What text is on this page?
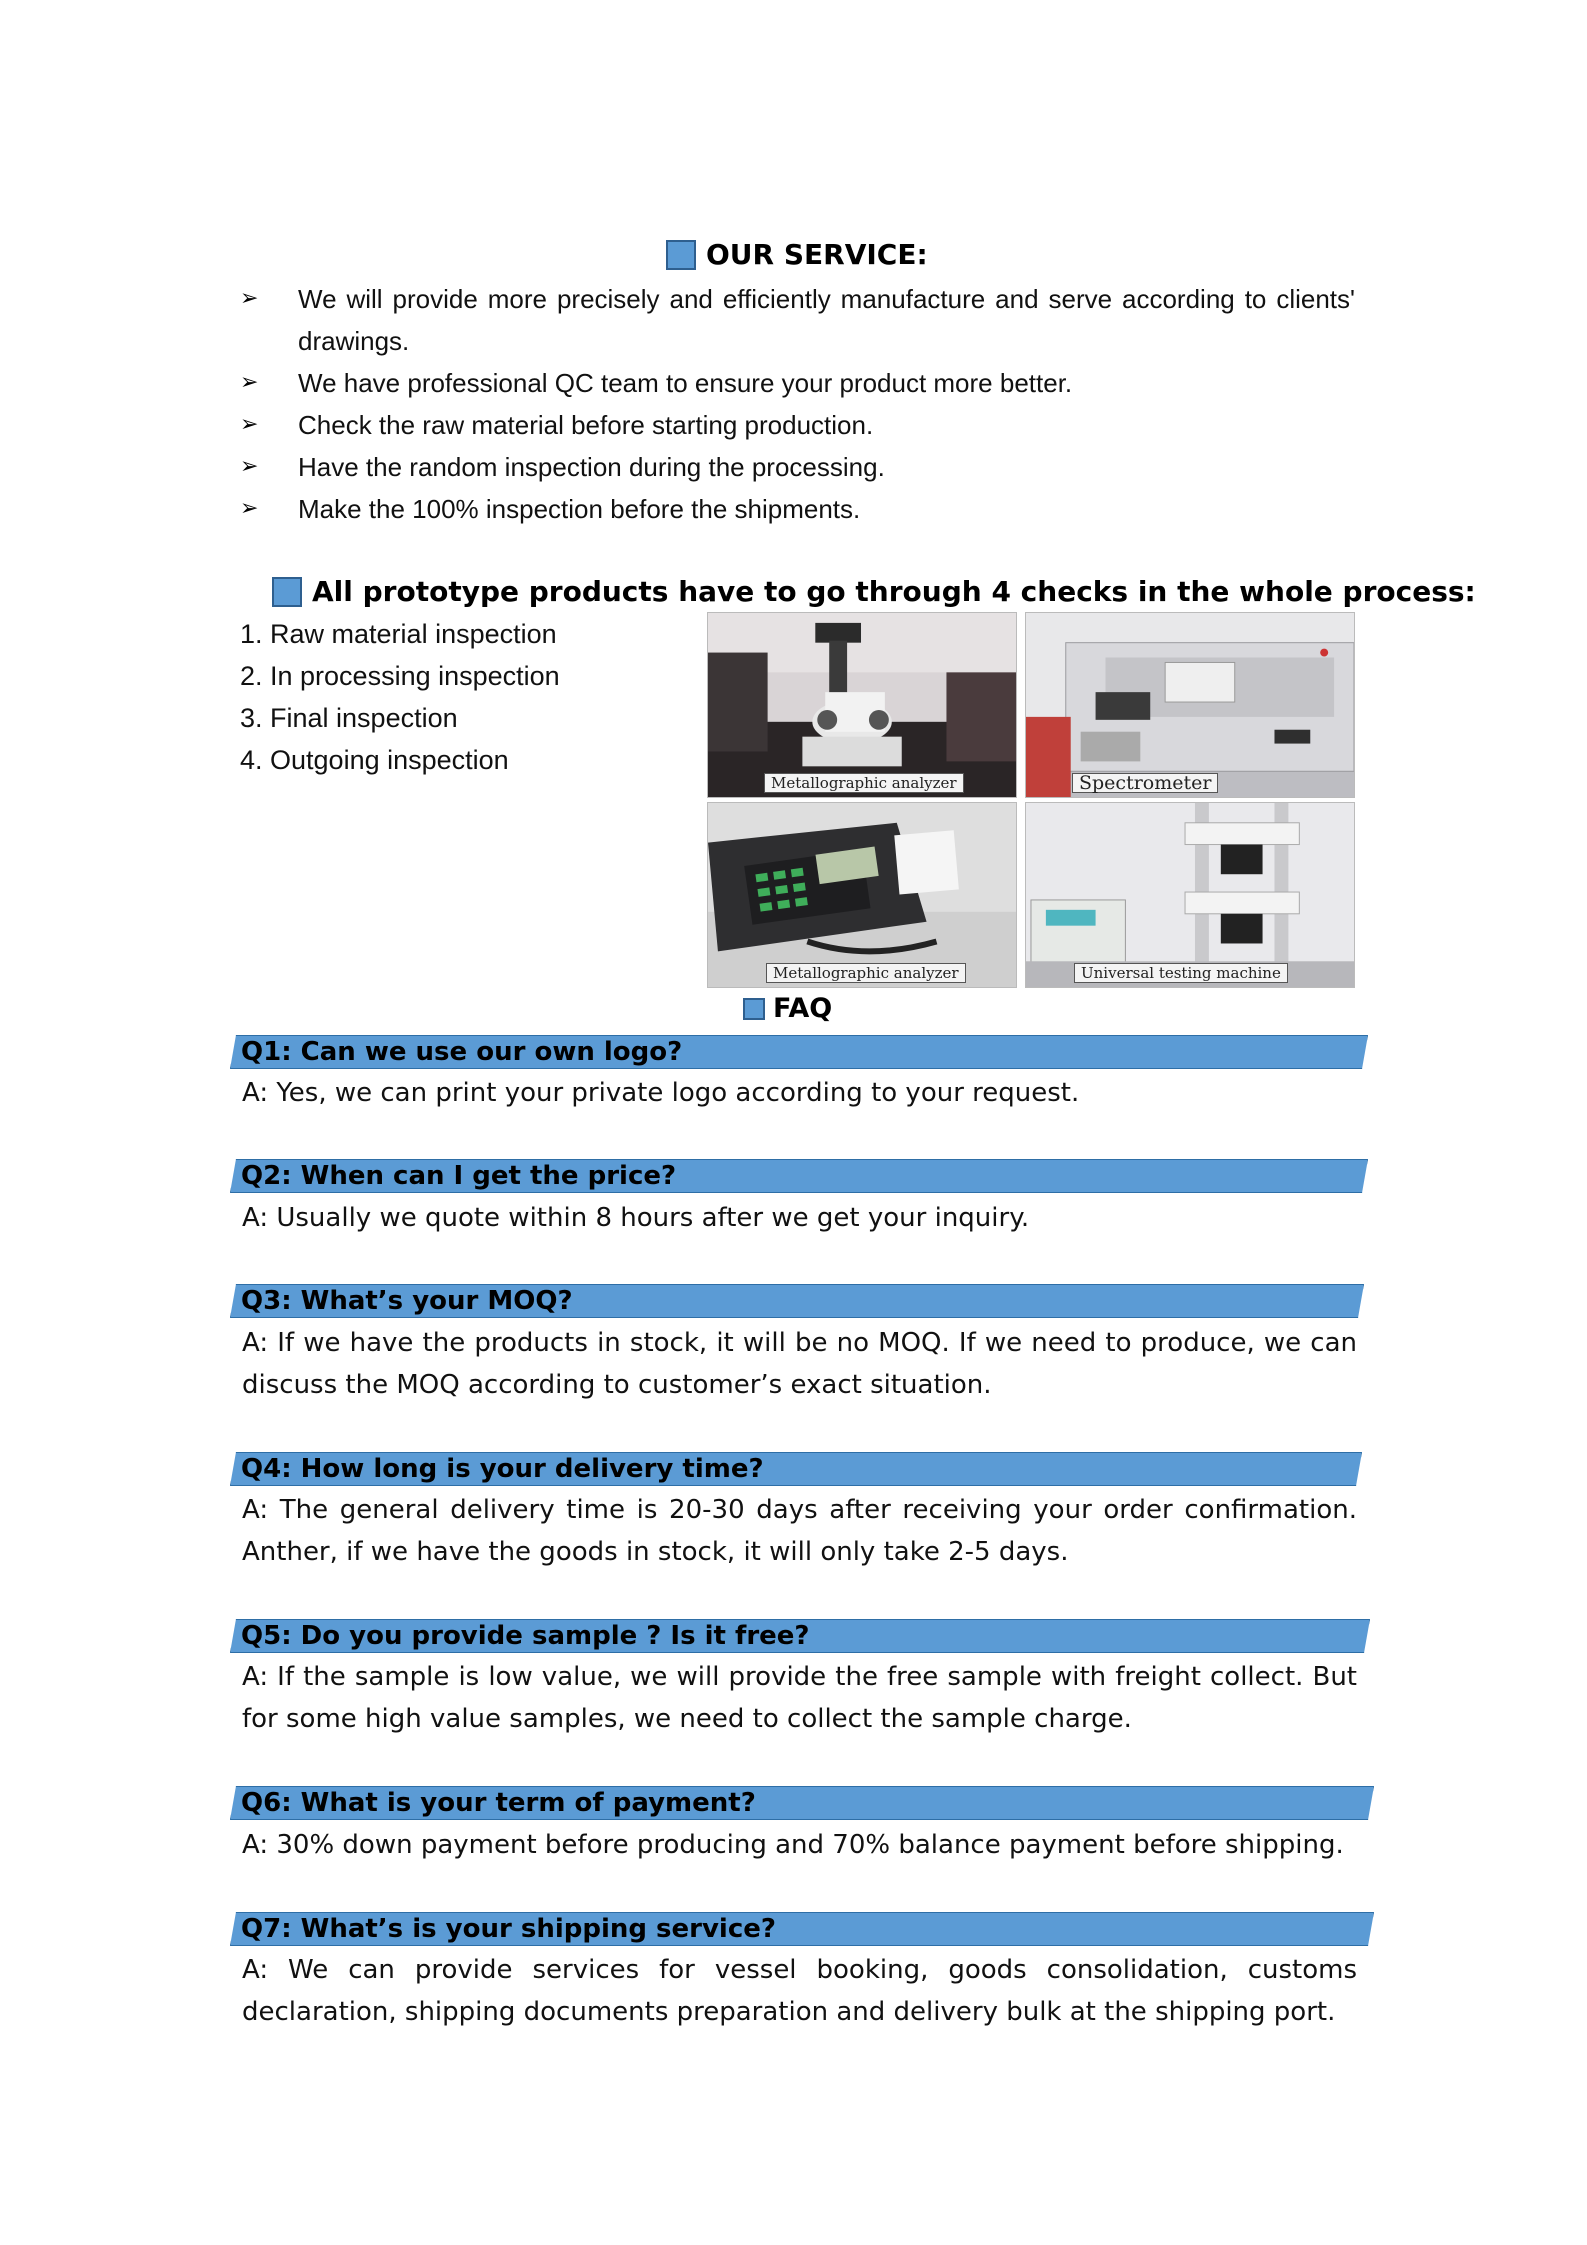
OUR SERVICE:
➢ We will provide more precisely and efficiently manufacture and serve according to clients' drawings.
➢ We have professional QC team to ensure your product more better.
➢ Check the raw material before starting production.
➢ Have the random inspection during the processing.
➢ Make the 100% inspection before the shipments.
All prototype products have to go through 4 checks in the whole process:
1. Raw material inspection
2. In processing inspection
3. Final inspection
4. Outgoing inspection
Metallographic analyzer	Spectrometer
Metallographic analyzer	Universal testing machine
FAQ
Q1: Can we use our own logo?
A: Yes, we can print your private logo according to your request.
Q2: When can I get the price?
A: Usually we quote within 8 hours after we get your inquiry.
Q3: What’s your MOQ?
A: If we have the products in stock, it will be no MOQ. If we need to produce, we can discuss the MOQ according to customer’s exact situation.
Q4: How long is your delivery time?
A: The general delivery time is 20-30 days after receiving your order confirmation. Anther, if we have the goods in stock, it will only take 2-5 days.
Q5: Do you provide sample ? Is it free?
A: If the sample is low value, we will provide the free sample with freight collect. But for some high value samples, we need to collect the sample charge.
Q6: What is your term of payment?
A: 30% down payment before producing and 70% balance payment before shipping.
Q7: What’s is your shipping service?
A: We can provide services for vessel booking, goods consolidation, customs declaration, shipping documents preparation and delivery bulk at the shipping port.
